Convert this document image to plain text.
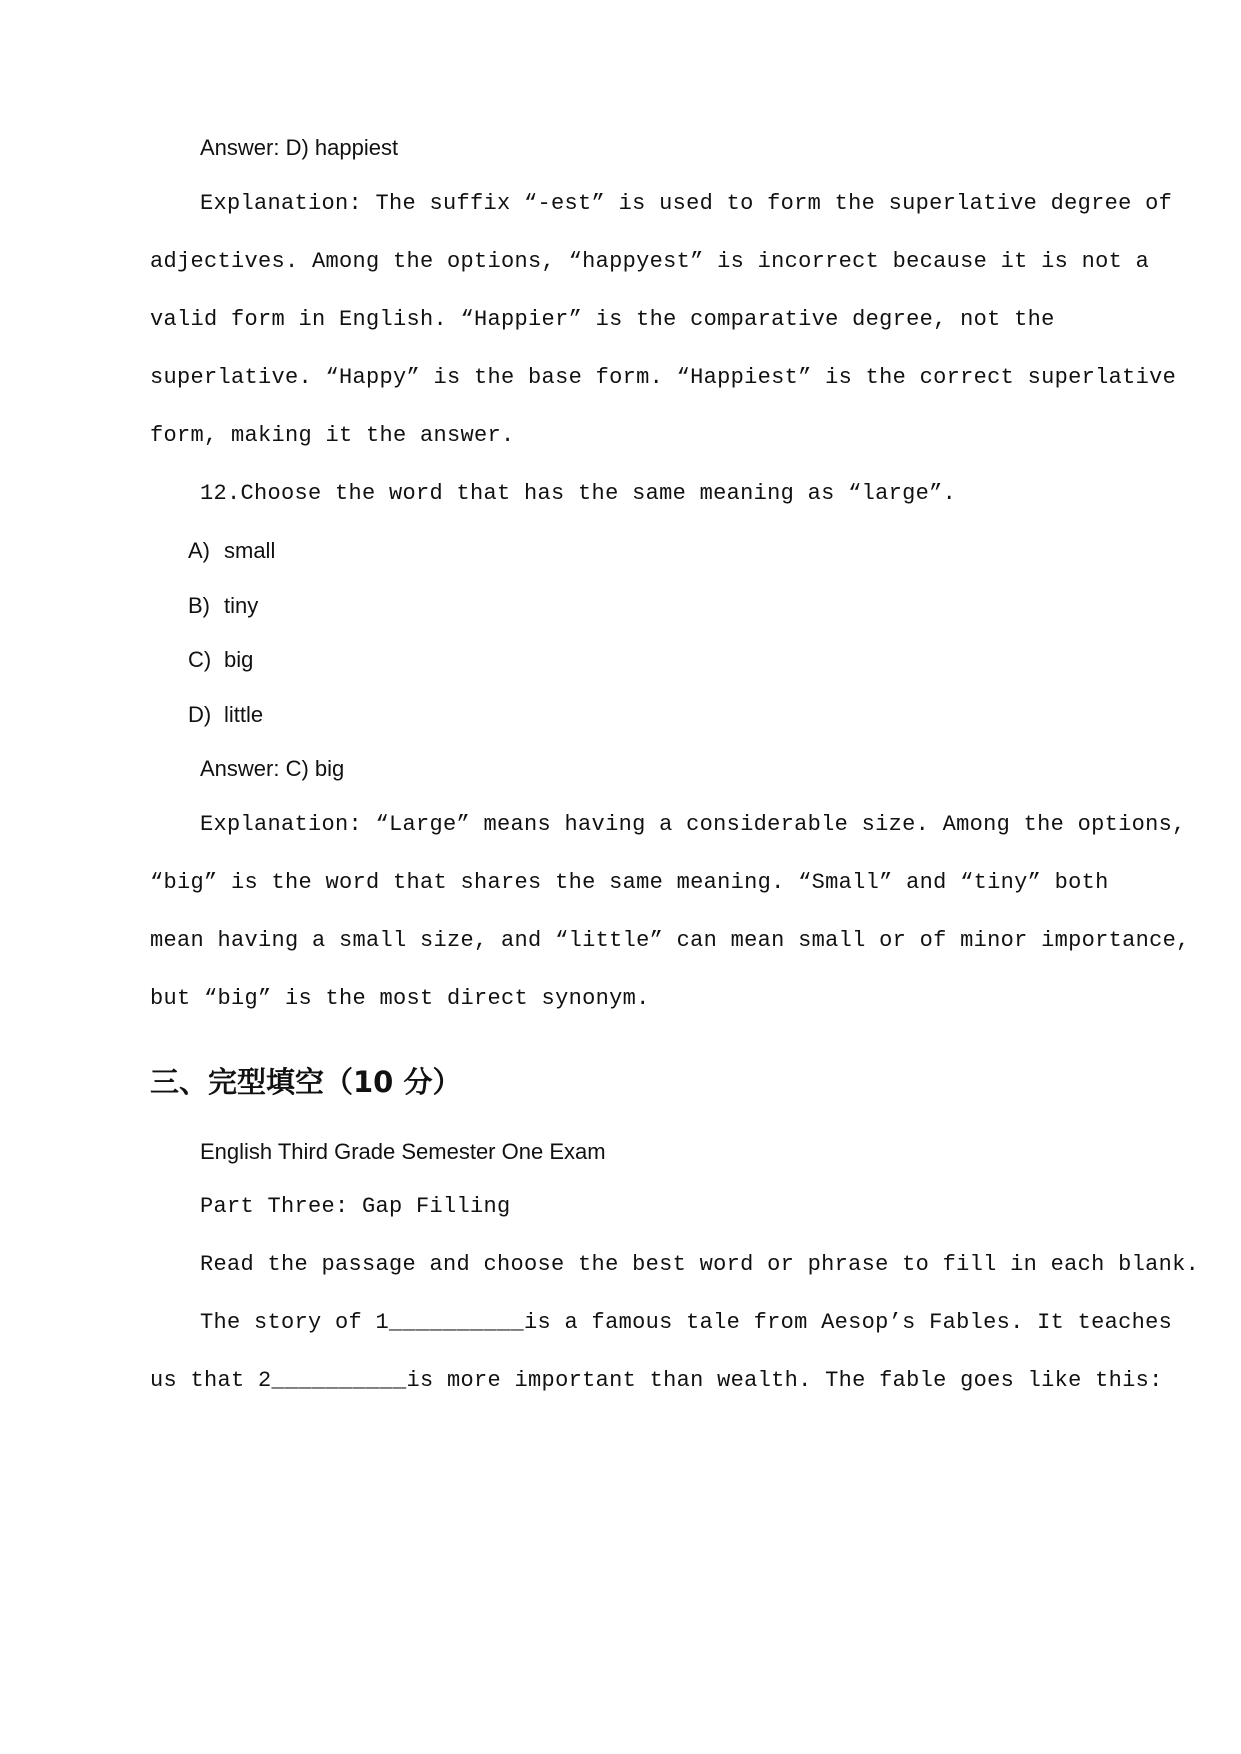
Answer: D) happiest
Explanation: The suffix “-est” is used to form the superlative degree of
adjectives. Among the options, “happyest” is incorrect because it is not a
valid form in English. “Happier” is the comparative degree, not the
superlative. “Happy” is the base form. “Happiest” is the correct superlative
form, making it the answer.
12.Choose the word that has the same meaning as “large”.
A) small
B) tiny
C) big
D) little
Answer: C) big
Explanation: “Large” means having a considerable size. Among the options,
“big” is the word that shares the same meaning. “Small” and “tiny” both
mean having a small size, and “little” can mean small or of minor importance,
but “big” is the most direct synonym.
三、完型填空（10 分）
English Third Grade Semester One Exam
Part Three: Gap Filling
Read the passage and choose the best word or phrase to fill in each blank.
The story of 1__________is a famous tale from Aesop’s Fables. It teaches
us that 2__________is more important than wealth. The fable goes like this:
